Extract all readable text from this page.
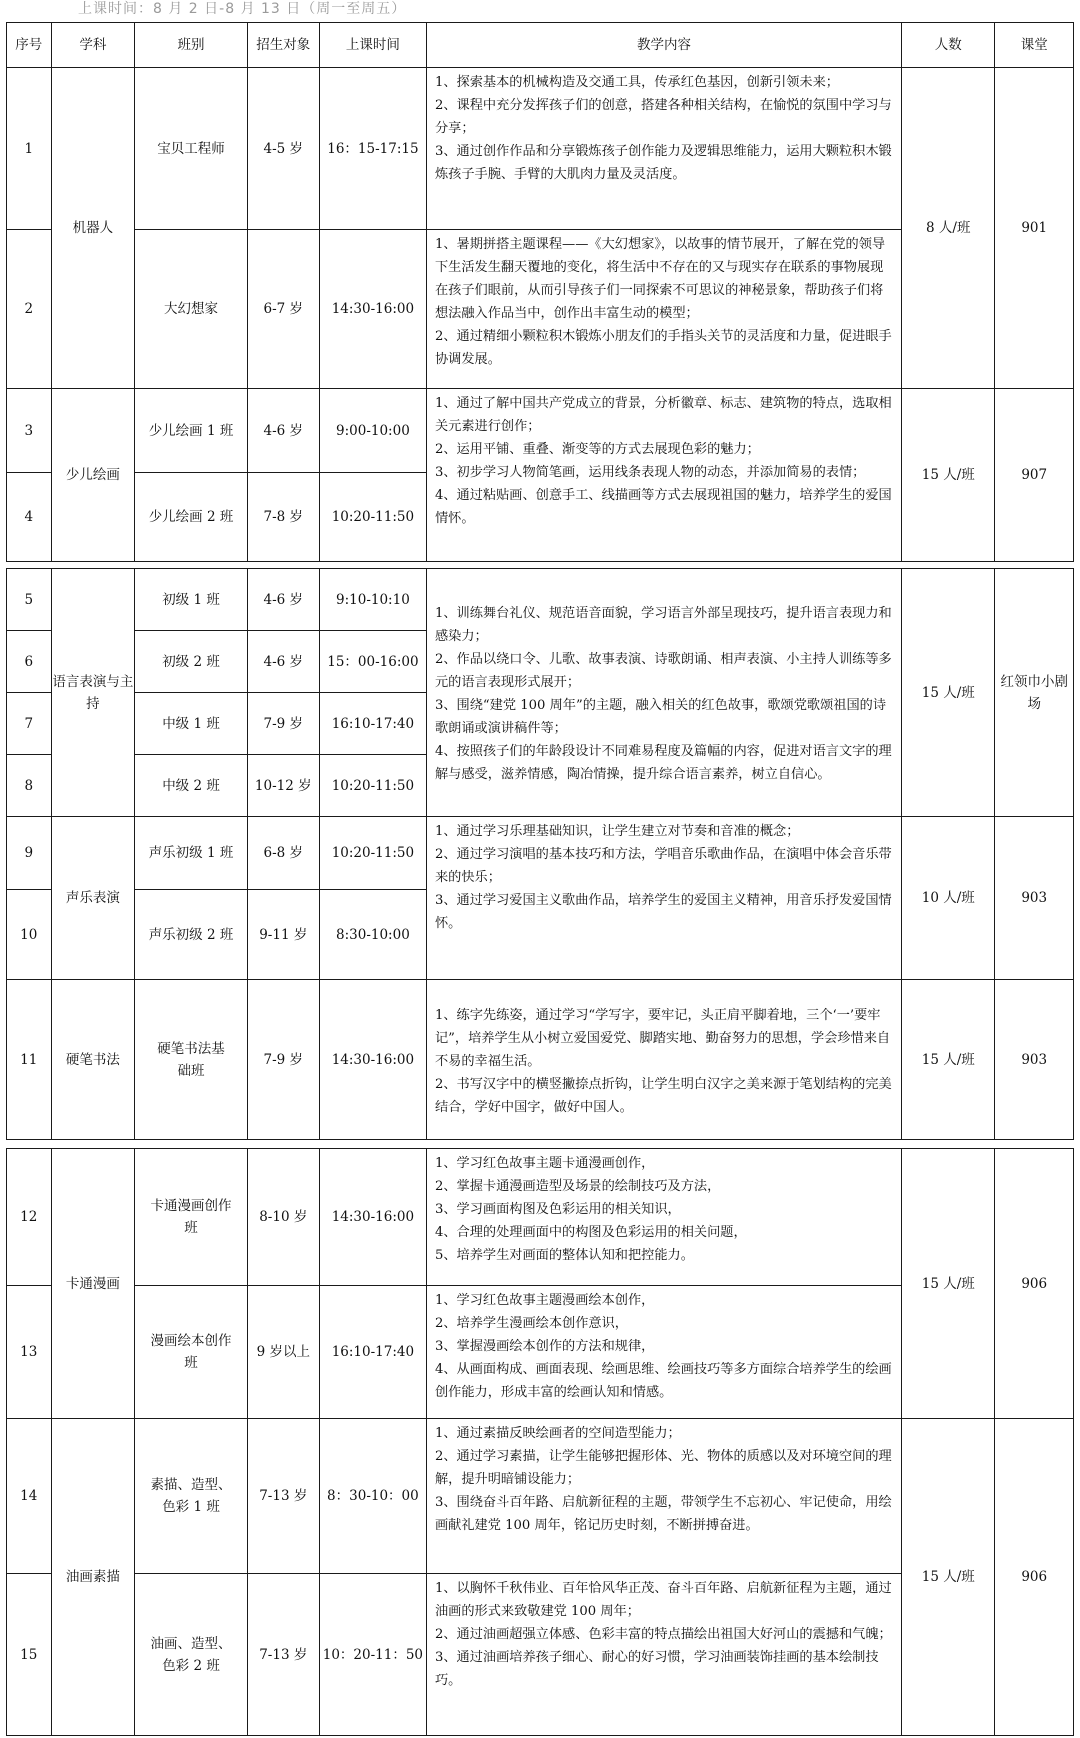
上课时间：8 月 2 日-8 月 13 日（周一至周五）
序号	学科	班别	招生对象	上课时间	教学内容	人数	课堂
1	机器人	宝贝工程师	4-5 岁	16：15-17:15	1、探索基本的机械构造及交通工具，传承红色基因，创新引领未来；
2、课程中充分发挥孩子们的创意，搭建各种相关结构，在愉悦的氛围中学习与分享；
3、通过创作作品和分享锻炼孩子创作能力及逻辑思维能力，运用大颗粒积木锻炼孩子手腕、手臂的大肌肉力量及灵活度。	8 人/班	901
2		大幻想家	6-7 岁	14:30-16:00	1、暑期拼搭主题课程——《大幻想家》，以故事的情节展开，了解在党的领导下生活发生翻天覆地的变化，将生活中不存在的又与现实存在联系的事物展现在孩子们眼前，从而引导孩子们一同探索不可思议的神秘景象，帮助孩子们将想法融入作品当中，创作出丰富生动的模型；
2、通过精细小颗粒积木锻炼小朋友们的手指头关节的灵活度和力量，促进眼手协调发展。		

3	少儿绘画	少儿绘画 1 班	4-6 岁	9:00-10:00	1、通过了解中国共产党成立的背景，分析徽章、标志、建筑物的特点，选取相关元素进行创作；
2、运用平铺、重叠、渐变等的方式去展现色彩的魅力；
3、初步学习人物简笔画，运用线条表现人物的动态，并添加简易的表情；
4、通过粘贴画、创意手工、线描画等方式去展现祖国的魅力，培养学生的爱国情怀。	15 人/班	907
4		少儿绘画 2 班	7-8 岁	10:20-11:50			
5	语言表演与主持	初级 1 班	4-6 岁	9:10-10:10	1、训练舞台礼仪、规范语音面貌，学习语言外部呈现技巧，提升语言表现力和感染力；
2、作品以绕口令、儿歌、故事表演、诗歌朗诵、相声表演、小主持人训练等多元的语言表现形式展开；
3、围绕“建党 100 周年”的主题，融入相关的红色故事，歌颂党歌颂祖国的诗歌朗诵或演讲稿件等；
4、按照孩子们的年龄段设计不同难易程度及篇幅的内容，促进对语言文字的理解与感受，滋养情感，陶冶情操，提升综合语言素养，树立自信心。	15 人/班	红领巾小剧场
6		初级 2 班	4-6 岁	15：00-16:00			
7		中级 1 班	7-9 岁	16:10-17:40			
8		中级 2 班	10-12 岁	10:20-11:50			
9	声乐表演	声乐初级 1 班	6-8 岁	10:20-11:50	1、通过学习乐理基础知识，让学生建立对节奏和音准的概念；
2、通过学习演唱的基本技巧和方法，学唱音乐歌曲作品，在演唱中体会音乐带来的快乐；
3、通过学习爱国主义歌曲作品，培养学生的爱国主义精神，用音乐抒发爱国情怀。	10 人/班	903
10		声乐初级 2 班	9-11 岁	8:30-10:00			
11	硬笔书法	硬笔书法基础班	7-9 岁	14:30-16:00	1、练字先练姿，通过学习“学写字，要牢记，头正肩平脚着地，三个‘一’要牢记”，培养学生从小树立爱国爱党、脚踏实地、勤奋努力的思想，学会珍惜来自不易的幸福生活。
2、书写汉字中的横竖撇捺点折钩，让学生明白汉字之美来源于笔划结构的完美结合，学好中国字，做好中国人。	15 人/班	903
12	卡通漫画	卡通漫画创作班	8-10 岁	14:30-16:00	1、学习红色故事主题卡通漫画创作，
2、掌握卡通漫画造型及场景的绘制技巧及方法，
3、学习画面构图及色彩运用的相关知识，
4、合理的处理画面中的构图及色彩运用的相关问题，
5、培养学生对画面的整体认知和把控能力。	15 人/班	906
13		漫画绘本创作班	9 岁以上	16:10-17:40	1、学习红色故事主题漫画绘本创作，
2、培养学生漫画绘本创作意识，
3、掌握漫画绘本创作的方法和规律，
4、从画面构成、画面表现、绘画思维、绘画技巧等多方面综合培养学生的绘画创作能力，形成丰富的绘画认知和情感。		

14	油画素描	素描、造型、色彩 1 班	7-13 岁	8：30-10：00	1、通过素描反映绘画者的空间造型能力；
2、通过学习素描，让学生能够把握形体、光、物体的质感以及对环境空间的理解，提升明暗铺设能力；
3、围绕奋斗百年路、启航新征程的主题，带领学生不忘初心、牢记使命，用绘画献礼建党 100 周年，铭记历史时刻，不断拼搏奋进。	15 人/班	906
15		油画、造型、色彩 2 班	7-13 岁	10：20-11：50	1、以胸怀千秋伟业、百年恰风华正茂、奋斗百年路、启航新征程为主题，通过油画的形式来致敬建党 100 周年；
2、通过油画超强立体感、色彩丰富的特点描绘出祖国大好河山的震撼和气魄；
3、通过油画培养孩子细心、耐心的好习惯，学习油画装饰挂画的基本绘制技巧。		
